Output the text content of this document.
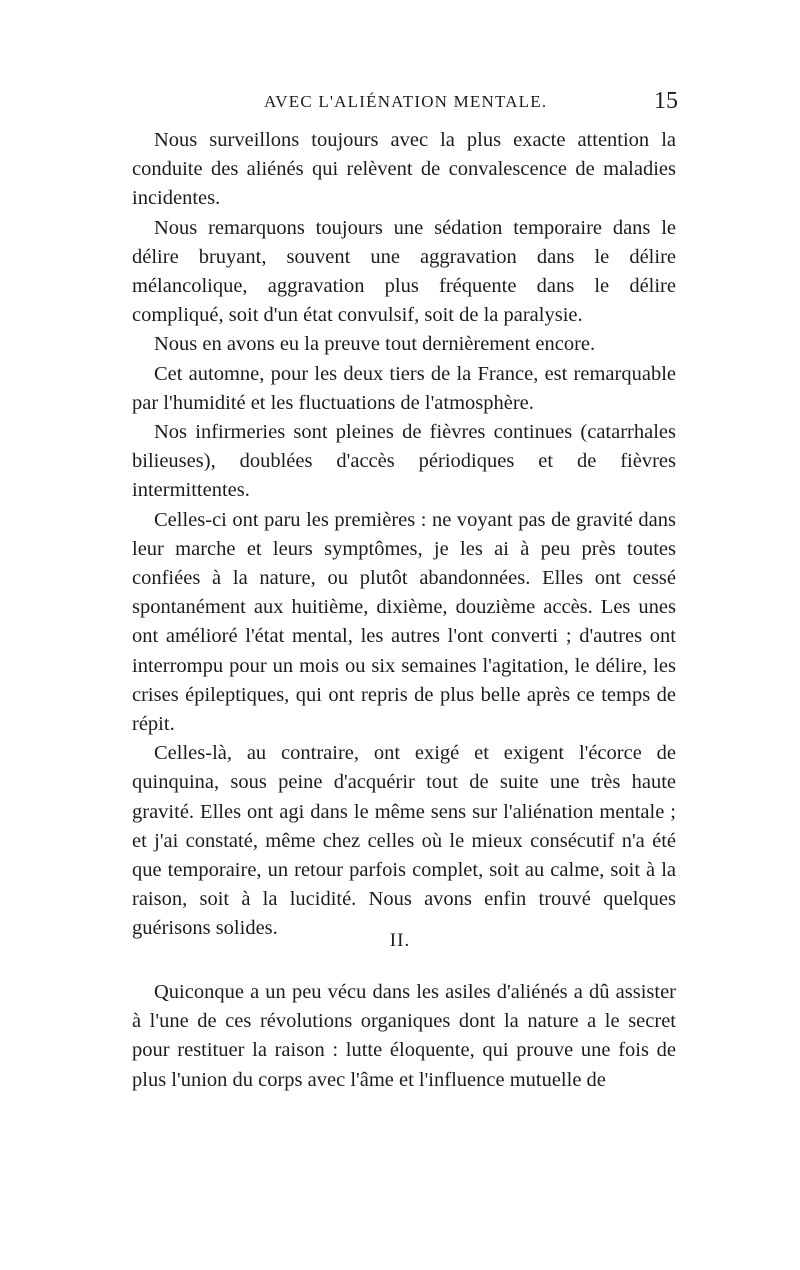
AVEC L'ALIÉNATION MENTALE.	15

Nous surveillons toujours avec la plus exacte attention la conduite des aliénés qui relèvent de convalescence de maladies incidentes.

Nous remarquons toujours une sédation temporaire dans le délire bruyant, souvent une aggravation dans le délire mélancolique, aggravation plus fréquente dans le délire compliqué, soit d'un état convulsif, soit de la paralysie.

Nous en avons eu la preuve tout dernièrement encore.

Cet automne, pour les deux tiers de la France, est remarquable par l'humidité et les fluctuations de l'atmosphère.

Nos infirmeries sont pleines de fièvres continues (catarrhales bilieuses), doublées d'accès périodiques et de fièvres intermittentes.

Celles-ci ont paru les premières : ne voyant pas de gravité dans leur marche et leurs symptômes, je les ai à peu près toutes confiées à la nature, ou plutôt abandonnées. Elles ont cessé spontanément aux huitième, dixième, douzième accès. Les unes ont amélioré l'état mental, les autres l'ont converti ; d'autres ont interrompu pour un mois ou six semaines l'agitation, le délire, les crises épileptiques, qui ont repris de plus belle après ce temps de répit.

Celles-là, au contraire, ont exigé et exigent l'écorce de quinquina, sous peine d'acquérir tout de suite une très haute gravité. Elles ont agi dans le même sens sur l'aliénation mentale ; et j'ai constaté, même chez celles où le mieux consécutif n'a été que temporaire, un retour parfois complet, soit au calme, soit à la raison, soit à la lucidité. Nous avons enfin trouvé quelques guérisons solides.

II.

Quiconque a un peu vécu dans les asiles d'aliénés a dû assister à l'une de ces révolutions organiques dont la nature a le secret pour restituer la raison : lutte éloquente, qui prouve une fois de plus l'union du corps avec l'âme et l'influence mutuelle de
